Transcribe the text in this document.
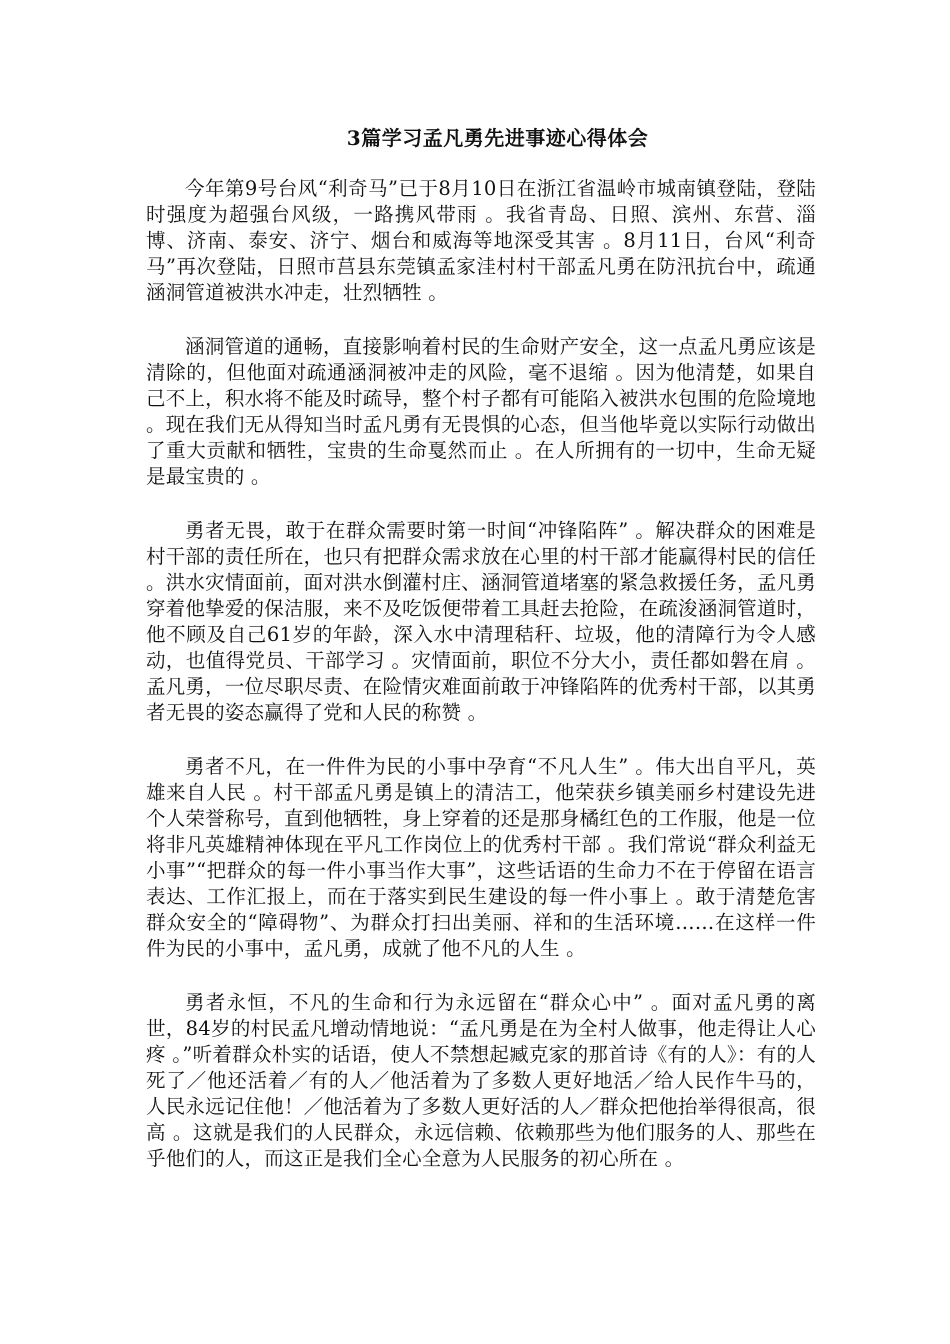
3篇学习孟凡勇先进事迹心得体会

今年第9号台风“利奇马”已于8月10日在浙江省温岭市城南镇登陆，登陆时强度为超强台风级，一路携风带雨 。我省青岛、日照、滨州、东营、淄博、济南、泰安、济宁、烟台和威海等地深受其害 。8月11日，台风“利奇马”再次登陆，日照市莒县东莞镇孟家洼村村干部孟凡勇在防汛抗台中，疏通涵洞管道被洪水冲走，壮烈牺牲 。

涵洞管道的通畅，直接影响着村民的生命财产安全，这一点孟凡勇应该是清除的，但他面对疏通涵洞被冲走的风险，毫不退缩 。因为他清楚，如果自己不上，积水将不能及时疏导，整个村子都有可能陷入被洪水包围的危险境地 。现在我们无从得知当时孟凡勇有无畏惧的心态，但当他毕竟以实际行动做出了重大贡献和牺牲，宝贵的生命戛然而止 。在人所拥有的一切中，生命无疑是最宝贵的 。

勇者无畏，敢于在群众需要时第一时间“冲锋陷阵” 。解决群众的困难是村干部的责任所在，也只有把群众需求放在心里的村干部才能赢得村民的信任 。洪水灾情面前，面对洪水倒灌村庄、涵洞管道堵塞的紧急救援任务，孟凡勇穿着他挚爱的保洁服，来不及吃饭便带着工具赶去抢险，在疏浚涵洞管道时，他不顾及自己61岁的年龄，深入水中清理秸秆、垃圾，他的清障行为令人感动，也值得党员、干部学习 。灾情面前，职位不分大小，责任都如磐在肩 。孟凡勇，一位尽职尽责、在险情灾难面前敢于冲锋陷阵的优秀村干部，以其勇者无畏的姿态赢得了党和人民的称赞 。

勇者不凡，在一件件为民的小事中孕育“不凡人生” 。伟大出自平凡，英雄来自人民 。村干部孟凡勇是镇上的清洁工，他荣获乡镇美丽乡村建设先进个人荣誉称号，直到他牺牲，身上穿着的还是那身橘红色的工作服，他是一位将非凡英雄精神体现在平凡工作岗位上的优秀村干部 。我们常说“群众利益无小事”“把群众的每一件小事当作大事”，这些话语的生命力不在于停留在语言表达、工作汇报上，而在于落实到民生建设的每一件小事上 。敢于清楚危害群众安全的“障碍物”、为群众打扫出美丽、祥和的生活环境……在这样一件件为民的小事中，孟凡勇，成就了他不凡的人生 。

勇者永恒，不凡的生命和行为永远留在“群众心中” 。面对孟凡勇的离世，84岁的村民孟凡增动情地说：“孟凡勇是在为全村人做事，他走得让人心疼 。”听着群众朴实的话语，使人不禁想起臧克家的那首诗《有的人》：有的人死了／他还活着／有的人／他活着为了多数人更好地活／给人民作牛马的， 人民永远记住他！／他活着为了多数人更好活的人／群众把他抬举得很高，很高 。这就是我们的人民群众，永远信赖、依赖那些为他们服务的人、那些在乎他们的人，而这正是我们全心全意为人民服务的初心所在 。
